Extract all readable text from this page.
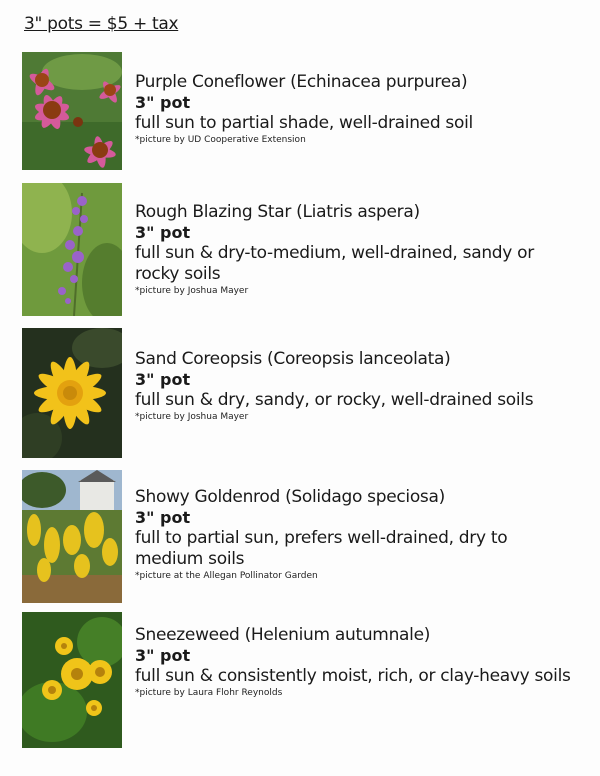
3" pots = $5 + tax
Purple Coneflower (Echinacea purpurea)
3" pot
full sun to partial shade, well-drained soil
*picture by UD Cooperative Extension
Rough Blazing Star (Liatris aspera)
3" pot
full sun & dry-to-medium, well-drained, sandy or rocky soils
*picture by Joshua Mayer
Sand Coreopsis (Coreopsis lanceolata)
3" pot
full sun & dry, sandy, or rocky, well-drained soils
*picture by Joshua Mayer
Showy Goldenrod (Solidago speciosa)
3" pot
full to partial sun, prefers well-drained, dry to medium soils
*picture at the Allegan Pollinator Garden
Sneezeweed (Helenium autumnale)
3" pot
full sun & consistently moist, rich, or clay-heavy soils
*picture by Laura Flohr Reynolds
